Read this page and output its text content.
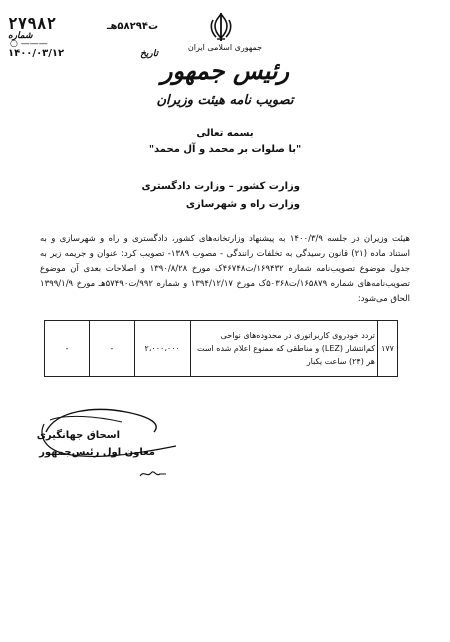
ت۵۸۲۹۴هـ
۲۷۹۸۲
شماره
تاریخ
۱۴۰۰/۰۳/۱۲
○ ———	جمهوری اسلامی ایران
رئیس جمهور
تصویب نامه هیئت وزیران
بسمه تعالی
"با صلوات بر محمد و آل محمد"
وزارت کشور – وزارت دادگستری
وزارت راه و شهرسازی

هیئت وزیران در جلسه ۱۴۰۰/۳/۹ به پیشنهاد وزارتخانه‌های کشور، دادگستری و راه و شهرسازی و به استناد ماده (۲۱) قانون رسیدگی به تخلفات رانندگی - مصوب ۱۳۸۹- تصویب کرد: عنوان و جریمه زیر به جدول موضوع تصویب‌نامه شماره ۱۶۹۴۳۲/ت۴۶۷۴۸ک مورخ ۱۳۹۰/۸/۲۸ و اصلاحات بعدی آن موضوع تصویب‌نامه‌های شماره ۱۶۵۸۷۹/ت۵۰۳۶۸ک مورخ ۱۳۹۴/۱۲/۱۷ و شماره ۹۹۲/ت۵۷۴۹۰هـ مورخ ۱۳۹۹/۱/۹ الحاق می‌شود:

۱۷۷	تردد خودروی کاربراتوری در محدوده‌های نواحی کم‌انتشار (LEZ) و مناطقی که ممنوع اعلام شده است هر (۲۴) ساعت یکبار	۲،۰۰۰،۰۰۰	-	-
اسحاق جهانگیری
معاون اول رئیس‌جمهور
